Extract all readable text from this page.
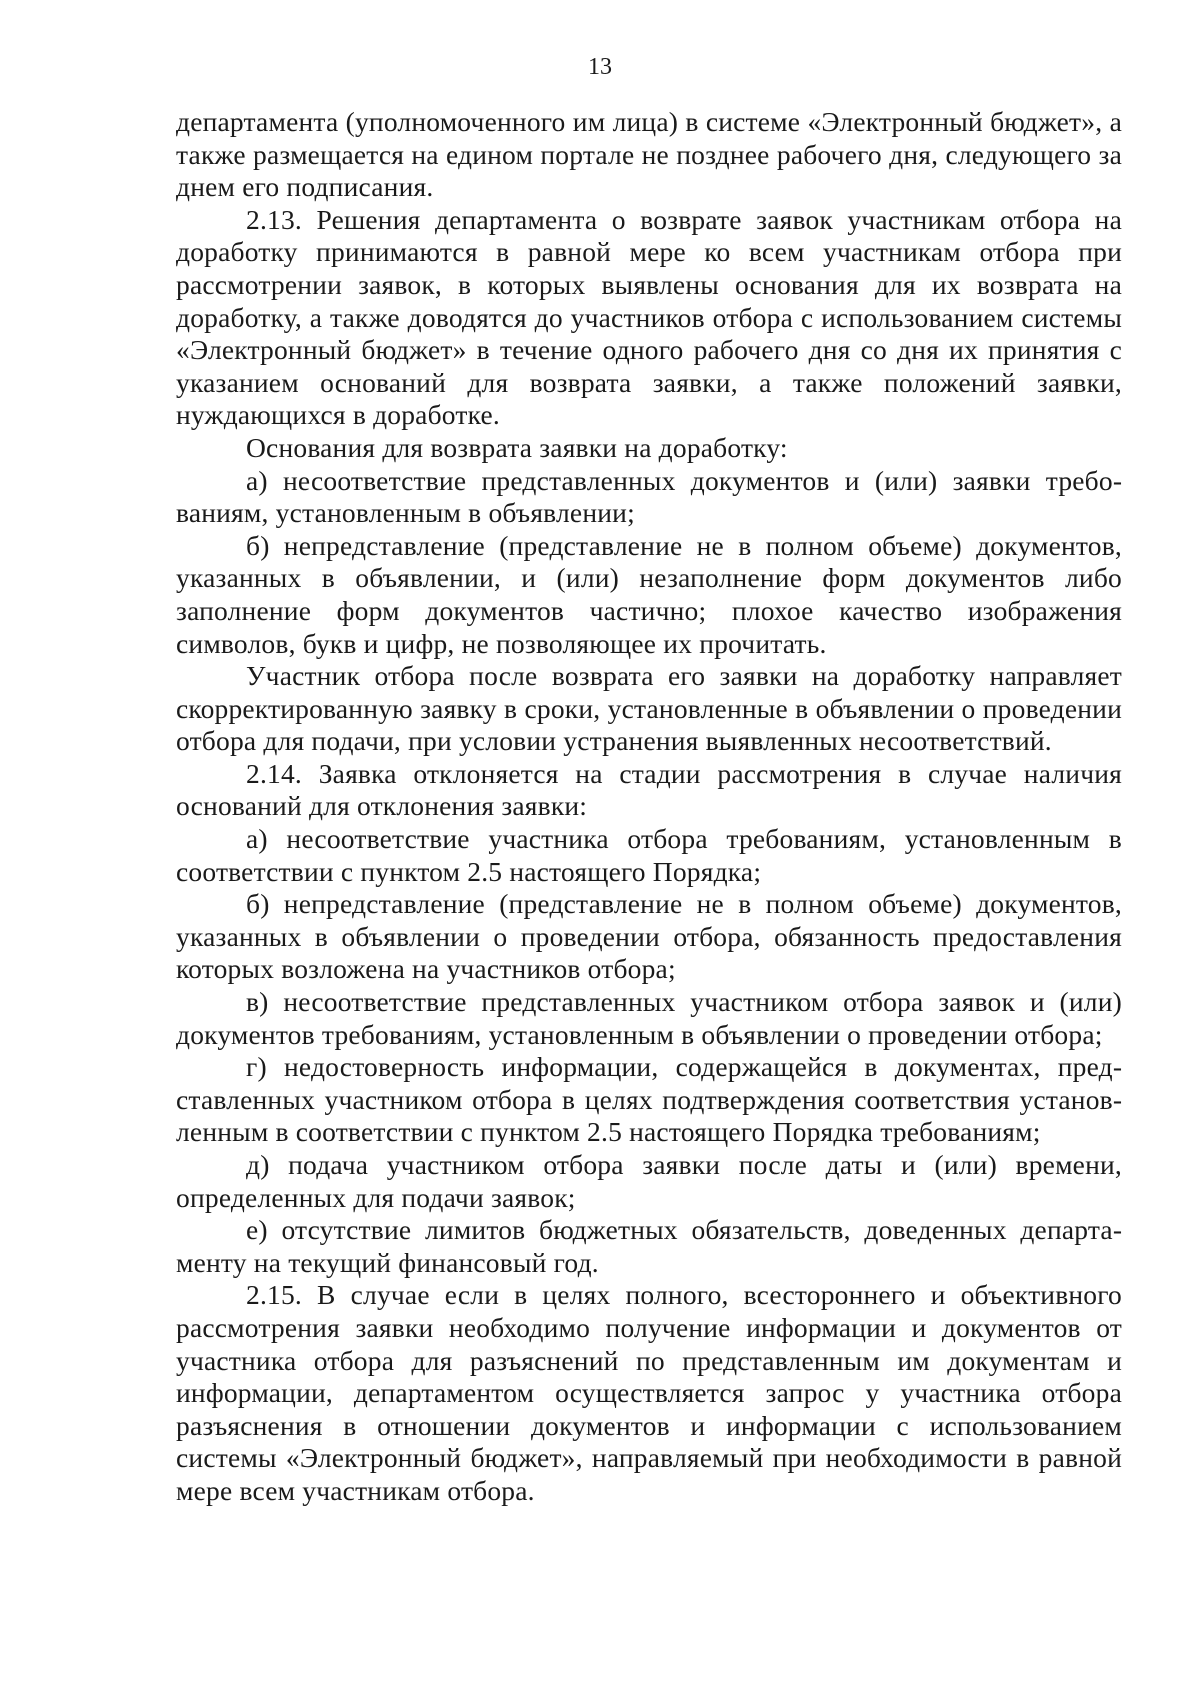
13

департамента (уполномоченного им лица) в системе «Электронный бюджет», а также размещается на едином портале не позднее рабочего дня, следующего за днем его подписания.

2.13. Решения департамента о возврате заявок участникам отбора на доработку принимаются в равной мере ко всем участникам отбора при рассмотрении заявок, в которых выявлены основания для их возврата на доработку, а также доводятся до участников отбора с использованием системы «Электронный бюджет» в течение одного рабочего дня со дня их принятия с указанием оснований для возврата заявки, а также положений заявки, нуждающихся в доработке.

Основания для возврата заявки на доработку:

а) несоответствие представленных документов и (или) заявки требованиям, установленным в объявлении;

б) непредставление (представление не в полном объеме) документов, указанных в объявлении, и (или) незаполнение форм документов либо заполнение форм документов частично; плохое качество изображения символов, букв и цифр, не позволяющее их прочитать.

Участник отбора после возврата его заявки на доработку направляет скорректированную заявку в сроки, установленные в объявлении о проведении отбора для подачи, при условии устранения выявленных несоответствий.

2.14. Заявка отклоняется на стадии рассмотрения в случае наличия оснований для отклонения заявки:

а) несоответствие участника отбора требованиям, установленным в соответствии с пунктом 2.5 настоящего Порядка;

б) непредставление (представление не в полном объеме) документов, указанных в объявлении о проведении отбора, обязанность предоставления которых возложена на участников отбора;

в) несоответствие представленных участником отбора заявок и (или) документов требованиям, установленным в объявлении о проведении отбора;

г) недостоверность информации, содержащейся в документах, представленных участником отбора в целях подтверждения соответствия установленным в соответствии с пунктом 2.5 настоящего Порядка требованиям;

д) подача участником отбора заявки после даты и (или) времени, определенных для подачи заявок;

е) отсутствие лимитов бюджетных обязательств, доведенных департаменту на текущий финансовый год.

2.15. В случае если в целях полного, всестороннего и объективного рассмотрения заявки необходимо получение информации и документов от участника отбора для разъяснений по представленным им документам и информации, департаментом осуществляется запрос у участника отбора разъяснения в отношении документов и информации с использованием системы «Электронный бюджет», направляемый при необходимости в равной мере всем участникам отбора.
